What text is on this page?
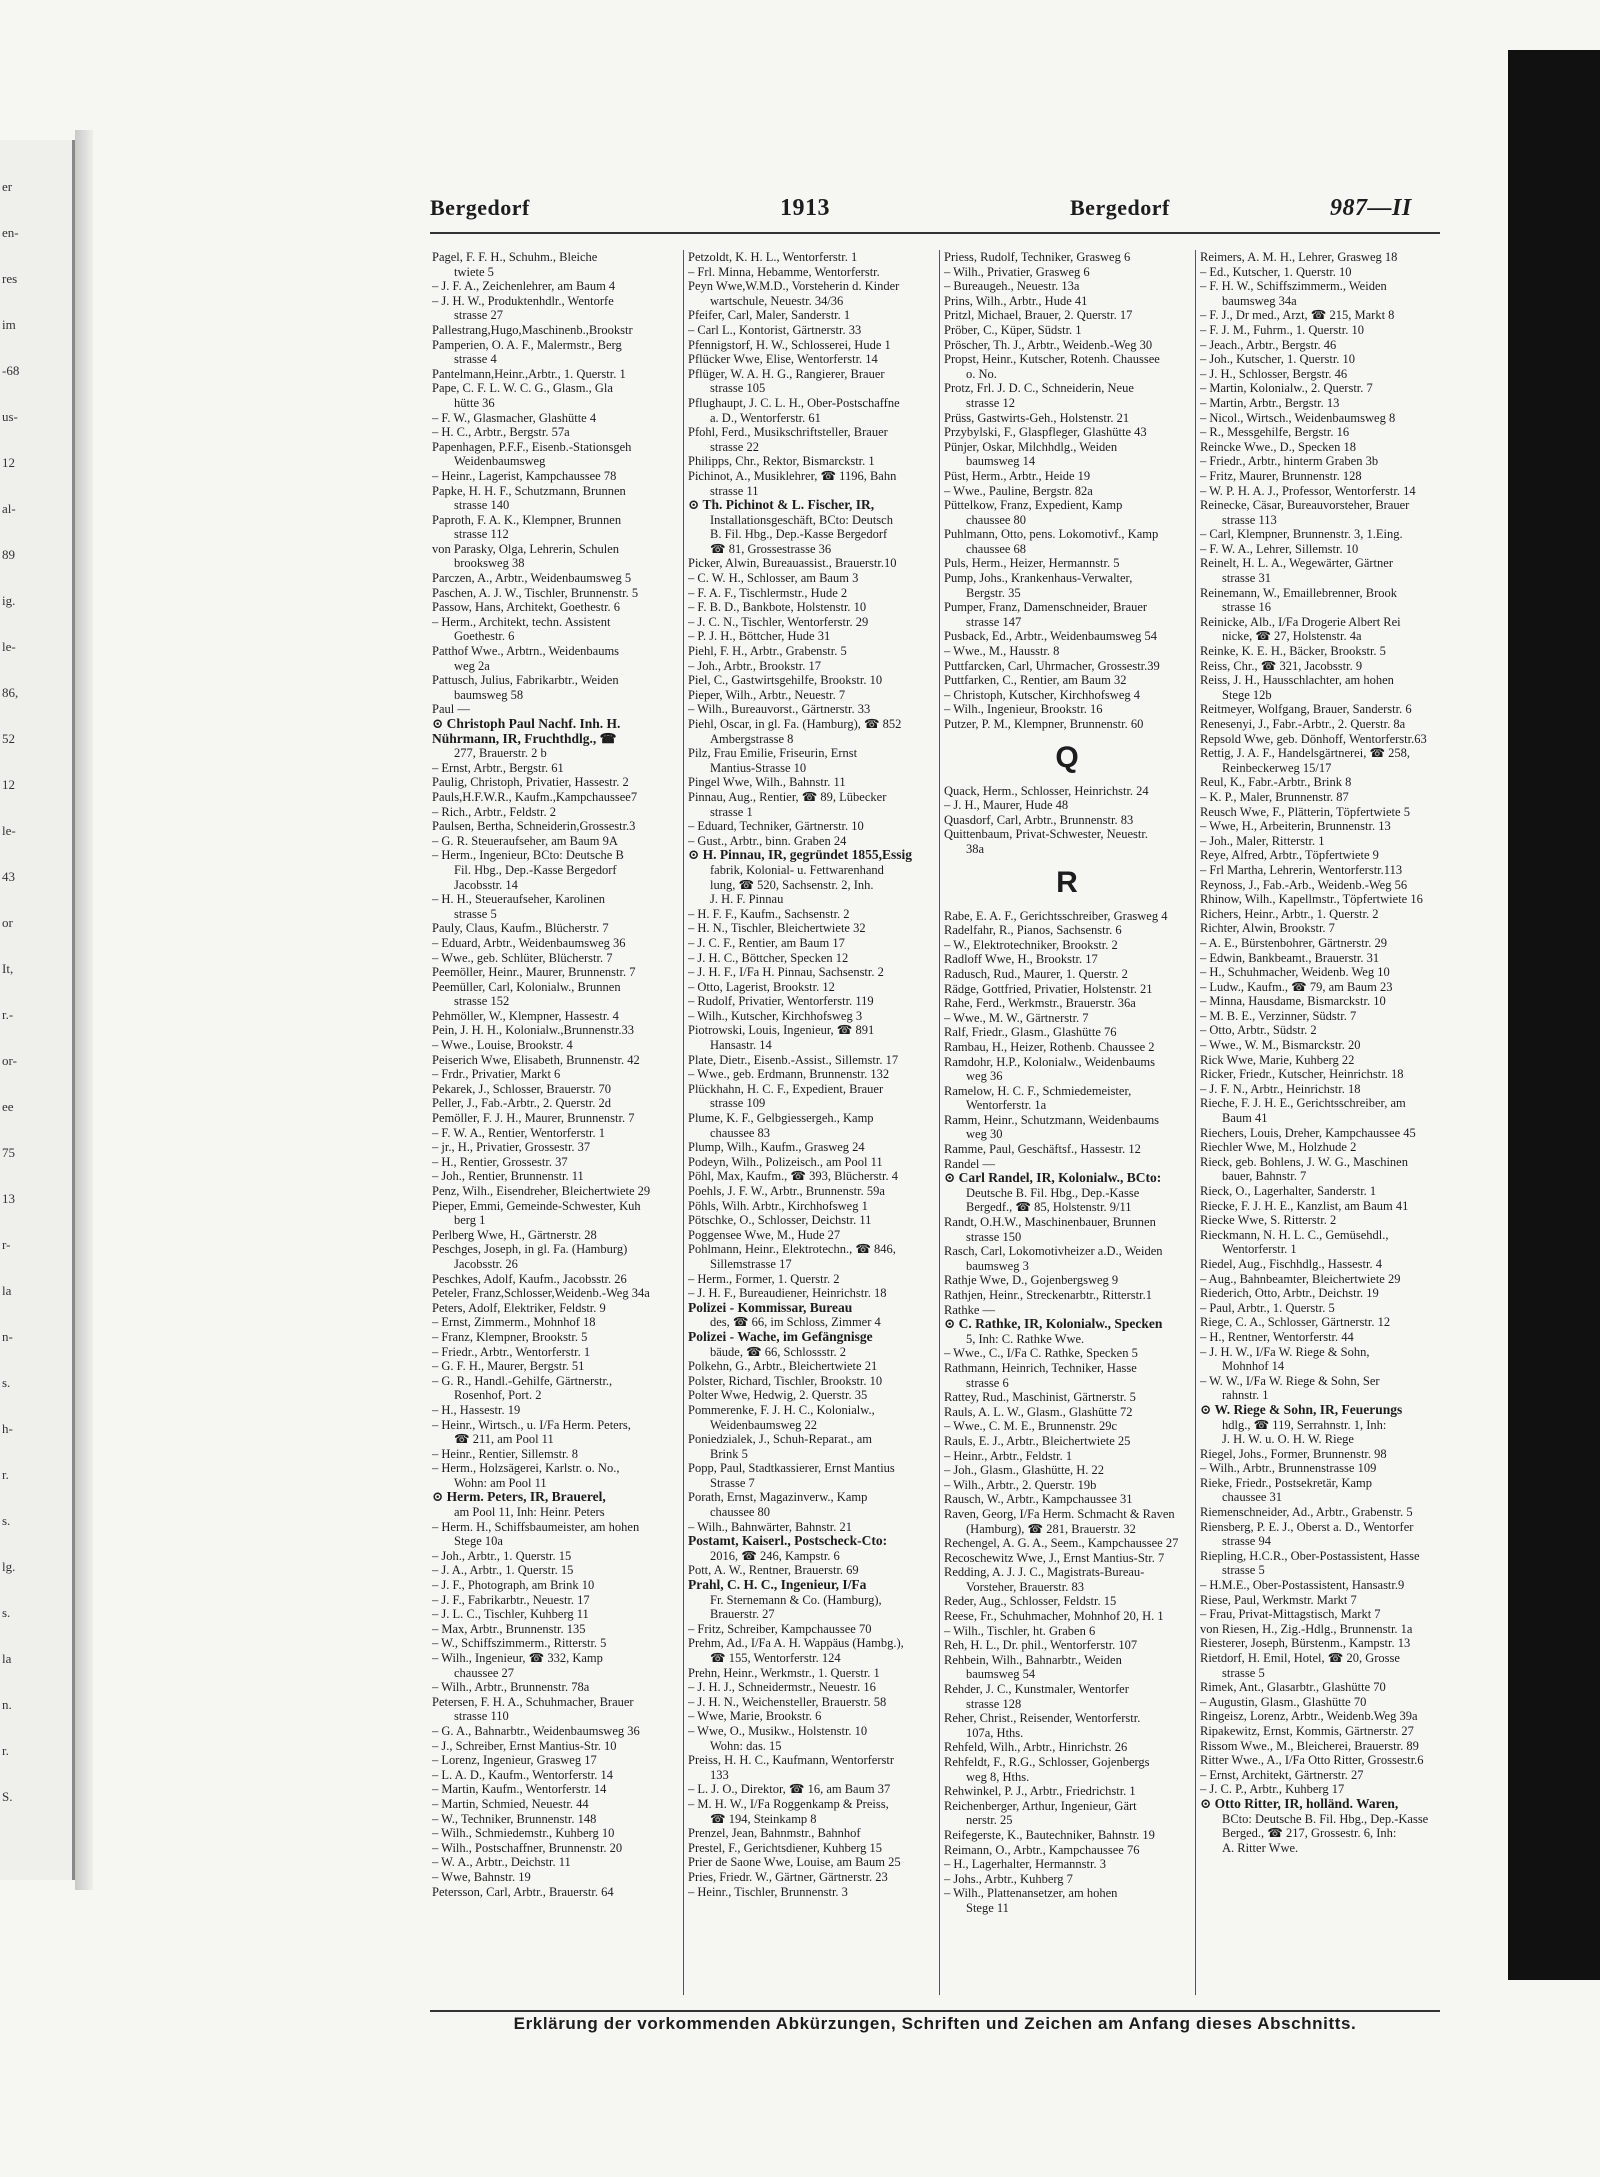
er
en-
res
im
-68
us-
12
al-
89
ig.
le-
86,
52
12
le-
43
or
It,
r.-
or-
ee
75
13
r-
la
n-
s.
h-
r.
s.
lg.
s.
la
n.
r.
S.
Bergedorf	1913	Bergedorf	987—II
Pagel, F. F. H., Schuhm., Bleiche
twiete 5
– J. F. A., Zeichenlehrer, am Baum 4
– J. H. W., Produktenhdlr., Wentorfe
strasse 27
Pallestrang,Hugo,Maschinenb.,Brookstr
Pamperien, O. A. F., Malermstr., Berg
strasse 4
Pantelmann,Heinr.,Arbtr., 1. Querstr. 1
Pape, C. F. L. W. C. G., Glasm., Gla
hütte 36
– F. W., Glasmacher, Glashütte 4
– H. C., Arbtr., Bergstr. 57a
Papenhagen, P.F.F., Eisenb.-Stationsgeh
Weidenbaumsweg
– Heinr., Lagerist, Kampchaussee 78
Papke, H. H. F., Schutzmann, Brunnen
strasse 140
Paproth, F. A. K., Klempner, Brunnen
strasse 112
von Parasky, Olga, Lehrerin, Schulen
brooksweg 38
Parczen, A., Arbtr., Weidenbaumsweg 5
Paschen, A. J. W., Tischler, Brunnenstr. 5
Passow, Hans, Architekt, Goethestr. 6
– Herm., Architekt, techn. Assistent
Goethestr. 6
Patthof Wwe., Arbtrn., Weidenbaums
weg 2a
Pattusch, Julius, Fabrikarbtr., Weiden
baumsweg 58
Paul —
⊙ Christoph Paul Nachf. Inh. H.
Nührmann, IR, Fruchthdlg., ☎
277, Brauerstr. 2 b
– Ernst, Arbtr., Bergstr. 61
Paulig, Christoph, Privatier, Hassestr. 2
Pauls,H.F.W.R., Kaufm.,Kampchaussee7
– Rich., Arbtr., Feldstr. 2
Paulsen, Bertha, Schneiderin,Grossestr.3
– G. R. Steueraufseher, am Baum 9A
– Herm., Ingenieur, BCto: Deutsche B
Fil. Hbg., Dep.-Kasse Bergedorf
Jacobsstr. 14
– H. H., Steueraufseher, Karolinen
strasse 5
Pauly, Claus, Kaufm., Blücherstr. 7
– Eduard, Arbtr., Weidenbaumsweg 36
– Wwe., geb. Schlüter, Blücherstr. 7
Peemöller, Heinr., Maurer, Brunnenstr. 7
Peemüller, Carl, Kolonialw., Brunnen
strasse 152
Pehmöller, W., Klempner, Hassestr. 4
Pein, J. H. H., Kolonialw.,Brunnenstr.33
– Wwe., Louise, Brookstr. 4
Peiserich Wwe, Elisabeth, Brunnenstr. 42
– Frdr., Privatier, Markt 6
Pekarek, J., Schlosser, Brauerstr. 70
Peller, J., Fab.-Arbtr., 2. Querstr. 2d
Pemöller, F. J. H., Maurer, Brunnenstr. 7
– F. W. A., Rentier, Wentorferstr. 1
– jr., H., Privatier, Grossestr. 37
– H., Rentier, Grossestr. 37
– Joh., Rentier, Brunnenstr. 11
Penz, Wilh., Eisendreher, Bleichertwiete 29
Pieper, Emmi, Gemeinde-Schwester, Kuh
berg 1
Perlberg Wwe, H., Gärtnerstr. 28
Peschges, Joseph, in gl. Fa. (Hamburg)
Jacobsstr. 26
Peschkes, Adolf, Kaufm., Jacobsstr. 26
Peteler, Franz,Schlosser,Weidenb.-Weg 34a
Peters, Adolf, Elektriker, Feldstr. 9
– Ernst, Zimmerm., Mohnhof 18
– Franz, Klempner, Brookstr. 5
– Friedr., Arbtr., Wentorferstr. 1
– G. F. H., Maurer, Bergstr. 51
– G. R., Handl.-Gehilfe, Gärtnerstr.,
Rosenhof, Port. 2
– H., Hassestr. 19
– Heinr., Wirtsch., u. I/Fa Herm. Peters,
☎ 211, am Pool 11
– Heinr., Rentier, Sillemstr. 8
– Herm., Holzsägerei, Karlstr. o. No.,
Wohn: am Pool 11
⊙ Herm. Peters, IR, Brauerel,
am Pool 11, Inh: Heinr. Peters
– Herm. H., Schiffsbaumeister, am hohen
Stege 10a
– Joh., Arbtr., 1. Querstr. 15
– J. A., Arbtr., 1. Querstr. 15
– J. F., Photograph, am Brink 10
– J. F., Fabrikarbtr., Neuestr. 17
– J. L. C., Tischler, Kuhberg 11
– Max, Arbtr., Brunnenstr. 135
– W., Schiffszimmerm., Ritterstr. 5
– Wilh., Ingenieur, ☎ 332, Kamp
chaussee 27
– Wilh., Arbtr., Brunnenstr. 78a
Petersen, F. H. A., Schuhmacher, Brauer
strasse 110
– G. A., Bahnarbtr., Weidenbaumsweg 36
– J., Schreiber, Ernst Mantius-Str. 10
– Lorenz, Ingenieur, Grasweg 17
– L. A. D., Kaufm., Wentorferstr. 14
– Martin, Kaufm., Wentorferstr. 14
– Martin, Schmied, Neuestr. 44
– W., Techniker, Brunnenstr. 148
– Wilh., Schmiedemstr., Kuhberg 10
– Wilh., Postschaffner, Brunnenstr. 20
– W. A., Arbtr., Deichstr. 11
– Wwe, Bahnstr. 19
Petersson, Carl, Arbtr., Brauerstr. 64
Petzoldt, K. H. L., Wentorferstr. 1
– Frl. Minna, Hebamme, Wentorferstr.
Peyn Wwe,W.M.D., Vorsteherin d. Kinder
wartschule, Neuestr. 34/36
Pfeifer, Carl, Maler, Sanderstr. 1
– Carl L., Kontorist, Gärtnerstr. 33
Pfennigstorf, H. W., Schlosserei, Hude 1
Pflücker Wwe, Elise, Wentorferstr. 14
Pflüger, W. A. H. G., Rangierer, Brauer
strasse 105
Pflughaupt, J. C. L. H., Ober-Postschaffne
a. D., Wentorferstr. 61
Pfohl, Ferd., Musikschriftsteller, Brauer
strasse 22
Philipps, Chr., Rektor, Bismarckstr. 1
Pichinot, A., Musiklehrer, ☎ 1196, Bahn
strasse 11
⊙ Th. Pichinot & L. Fischer, IR,
Installationsgeschäft, BCto: Deutsch
B. Fil. Hbg., Dep.-Kasse Bergedorf
☎ 81, Grossestrasse 36
Picker, Alwin, Bureauassist., Brauerstr.10
– C. W. H., Schlosser, am Baum 3
– F. A. F., Tischlermstr., Hude 2
– F. B. D., Bankbote, Holstenstr. 10
– J. C. N., Tischler, Wentorferstr. 29
– P. J. H., Böttcher, Hude 31
Piehl, F. H., Arbtr., Grabenstr. 5
– Joh., Arbtr., Brookstr. 17
Piel, C., Gastwirtsgehilfe, Brookstr. 10
Pieper, Wilh., Arbtr., Neuestr. 7
– Wilh., Bureauvorst., Gärtnerstr. 33
Piehl, Oscar, in gl. Fa. (Hamburg), ☎ 852
Ambergstrasse 8
Pilz, Frau Emilie, Friseurin, Ernst
Mantius-Strasse 10
Pingel Wwe, Wilh., Bahnstr. 11
Pinnau, Aug., Rentier, ☎ 89, Lübecker
strasse 1
– Eduard, Techniker, Gärtnerstr. 10
– Gust., Arbtr., binn. Graben 24
⊙ H. Pinnau, IR, gegründet 1855,Essig
fabrik, Kolonial- u. Fettwarenhand
lung, ☎ 520, Sachsenstr. 2, Inh.
J. H. F. Pinnau
– H. F. F., Kaufm., Sachsenstr. 2
– H. N., Tischler, Bleichertwiete 32
– J. C. F., Rentier, am Baum 17
– J. H. C., Böttcher, Specken 12
– J. H. F., I/Fa H. Pinnau, Sachsenstr. 2
– Otto, Lagerist, Brookstr. 12
– Rudolf, Privatier, Wentorferstr. 119
– Wilh., Kutscher, Kirchhofsweg 3
Piotrowski, Louis, Ingenieur, ☎ 891
Hansastr. 14
Plate, Dietr., Eisenb.-Assist., Sillemstr. 17
– Wwe., geb. Erdmann, Brunnenstr. 132
Plückhahn, H. C. F., Expedient, Brauer
strasse 109
Plume, K. F., Gelbgiessergeh., Kamp
chaussee 83
Plump, Wilh., Kaufm., Grasweg 24
Podeyn, Wilh., Polizeisch., am Pool 11
Pöhl, Max, Kaufm., ☎ 393, Blücherstr. 4
Poehls, J. F. W., Arbtr., Brunnenstr. 59a
Pöhls, Wilh. Arbtr., Kirchhofsweg 1
Pötschke, O., Schlosser, Deichstr. 11
Poggensee Wwe, M., Hude 27
Pohlmann, Heinr., Elektrotechn., ☎ 846,
Sillemstrasse 17
– Herm., Former, 1. Querstr. 2
– J. H. F., Bureaudiener, Heinrichstr. 18
Polizei - Kommissar, Bureau
des, ☎ 66, im Schloss, Zimmer 4
Polizei - Wache, im Gefängnisge
bäude, ☎ 66, Schlossstr. 2
Polkehn, G., Arbtr., Bleichertwiete 21
Polster, Richard, Tischler, Brookstr. 10
Polter Wwe, Hedwig, 2. Querstr. 35
Pommerenke, F. J. H. C., Kolonialw.,
Weidenbaumsweg 22
Poniedzialek, J., Schuh-Reparat., am
Brink 5
Popp, Paul, Stadtkassierer, Ernst Mantius
Strasse 7
Porath, Ernst, Magazinverw., Kamp
chaussee 80
– Wilh., Bahnwärter, Bahnstr. 21
Postamt, Kaiserl., Postscheck-Cto:
2016, ☎ 246, Kampstr. 6
Pott, A. W., Rentner, Brauerstr. 69
Prahl, C. H. C., Ingenieur, I/Fa
Fr. Sternemann & Co. (Hamburg),
Brauerstr. 27
– Fritz, Schreiber, Kampchaussee 70
Prehm, Ad., I/Fa A. H. Wappäus (Hambg.),
☎ 155, Wentorferstr. 124
Prehn, Heinr., Werkmstr., 1. Querstr. 1
– J. H. J., Schneidermstr., Neuestr. 16
– J. H. N., Weichensteller, Brauerstr. 58
– Wwe, Marie, Brookstr. 6
– Wwe, O., Musikw., Holstenstr. 10
Wohn: das. 15
Preiss, H. H. C., Kaufmann, Wentorferstr
133
– L. J. O., Direktor, ☎ 16, am Baum 37
– M. H. W., I/Fa Roggenkamp & Preiss,
☎ 194, Steinkamp 8
Prenzel, Jean, Bahnmstr., Bahnhof
Prestel, F., Gerichtsdiener, Kuhberg 15
Prier de Saone Wwe, Louise, am Baum 25
Pries, Friedr. W., Gärtner, Gärtnerstr. 23
– Heinr., Tischler, Brunnenstr. 3
Priess, Rudolf, Techniker, Grasweg 6
– Wilh., Privatier, Grasweg 6
– Bureaugeh., Neuestr. 13a
Prins, Wilh., Arbtr., Hude 41
Pritzl, Michael, Brauer, 2. Querstr. 17
Pröber, C., Küper, Südstr. 1
Pröscher, Th. J., Arbtr., Weidenb.-Weg 30
Propst, Heinr., Kutscher, Rotenh. Chaussee
o. No.
Protz, Frl. J. D. C., Schneiderin, Neue
strasse 12
Prüss, Gastwirts-Geh., Holstenstr. 21
Przybylski, F., Glaspfleger, Glashütte 43
Pünjer, Oskar, Milchhdlg., Weiden
baumsweg 14
Püst, Herm., Arbtr., Heide 19
– Wwe., Pauline, Bergstr. 82a
Püttelkow, Franz, Expedient, Kamp
chaussee 80
Puhlmann, Otto, pens. Lokomotivf., Kamp
chaussee 68
Puls, Herm., Heizer, Hermannstr. 5
Pump, Johs., Krankenhaus-Verwalter,
Bergstr. 35
Pumper, Franz, Damenschneider, Brauer
strasse 147
Pusback, Ed., Arbtr., Weidenbaumsweg 54
– Wwe., M., Hausstr. 8
Puttfarcken, Carl, Uhrmacher, Grossestr.39
Puttfarken, C., Rentier, am Baum 32
– Christoph, Kutscher, Kirchhofsweg 4
– Wilh., Ingenieur, Brookstr. 16
Putzer, P. M., Klempner, Brunnenstr. 60
Q
Quack, Herm., Schlosser, Heinrichstr. 24
– J. H., Maurer, Hude 48
Quasdorf, Carl, Arbtr., Brunnenstr. 83
Quittenbaum, Privat-Schwester, Neuestr.
38a
R
Rabe, E. A. F., Gerichtsschreiber, Grasweg 4
Radelfahr, R., Pianos, Sachsenstr. 6
– W., Elektrotechniker, Brookstr. 2
Radloff Wwe, H., Brookstr. 17
Radusch, Rud., Maurer, 1. Querstr. 2
Rädge, Gottfried, Privatier, Holstenstr. 21
Rahe, Ferd., Werkmstr., Brauerstr. 36a
– Wwe., M. W., Gärtnerstr. 7
Ralf, Friedr., Glasm., Glashütte 76
Rambau, H., Heizer, Rothenb. Chaussee 2
Ramdohr, H.P., Kolonialw., Weidenbaums
weg 36
Ramelow, H. C. F., Schmiedemeister,
Wentorferstr. 1a
Ramm, Heinr., Schutzmann, Weidenbaums
weg 30
Ramme, Paul, Geschäftsf., Hassestr. 12
Randel —
⊙ Carl Randel, IR, Kolonialw., BCto:
Deutsche B. Fil. Hbg., Dep.-Kasse
Bergedf., ☎ 85, Holstenstr. 9/11
Randt, O.H.W., Maschinenbauer, Brunnen
strasse 150
Rasch, Carl, Lokomotivheizer a.D., Weiden
baumsweg 3
Rathje Wwe, D., Gojenbergsweg 9
Rathjen, Heinr., Streckenarbtr., Ritterstr.1
Rathke —
⊙ C. Rathke, IR, Kolonialw., Specken
5, Inh: C. Rathke Wwe.
– Wwe., C., I/Fa C. Rathke, Specken 5
Rathmann, Heinrich, Techniker, Hasse
strasse 6
Rattey, Rud., Maschinist, Gärtnerstr. 5
Rauls, A. L. W., Glasm., Glashütte 72
– Wwe., C. M. E., Brunnenstr. 29c
Rauls, E. J., Arbtr., Bleichertwiete 25
– Heinr., Arbtr., Feldstr. 1
– Joh., Glasm., Glashütte, H. 22
– Wilh., Arbtr., 2. Querstr. 19b
Rausch, W., Arbtr., Kampchaussee 31
Raven, Georg, I/Fa Herm. Schmacht & Raven
(Hamburg), ☎ 281, Brauerstr. 32
Rechengel, A. G. A., Seem., Kampchaussee 27
Recoschewitz Wwe, J., Ernst Mantius-Str. 7
Redding, A. J. J. C., Magistrats-Bureau-
Vorsteher, Brauerstr. 83
Reder, Aug., Schlosser, Feldstr. 15
Reese, Fr., Schuhmacher, Mohnhof 20, H. 1
– Wilh., Tischler, ht. Graben 6
Reh, H. L., Dr. phil., Wentorferstr. 107
Rehbein, Wilh., Bahnarbtr., Weiden
baumsweg 54
Rehder, J. C., Kunstmaler, Wentorfer
strasse 128
Reher, Christ., Reisender, Wentorferstr.
107a, Hths.
Rehfeld, Wilh., Arbtr., Hinrichstr. 26
Rehfeldt, F., R.G., Schlosser, Gojenbergs
weg 8, Hths.
Rehwinkel, P. J., Arbtr., Friedrichstr. 1
Reichenberger, Arthur, Ingenieur, Gärt
nerstr. 25
Reifegerste, K., Bautechniker, Bahnstr. 19
Reimann, O., Arbtr., Kampchaussee 76
– H., Lagerhalter, Hermannstr. 3
– Johs., Arbtr., Kuhberg 7
– Wilh., Plattenansetzer, am hohen
Stege 11
Erklärung der vorkommenden Abkürzungen, Schriften und Zeichen am Anfang dieses Abschnitts.
Reimers, A. M. H., Lehrer, Grasweg 18
– Ed., Kutscher, 1. Querstr. 10
– F. H. W., Schiffszimmerm., Weiden
baumsweg 34a
– F. J., Dr med., Arzt, ☎ 215, Markt 8
– F. J. M., Fuhrm., 1. Querstr. 10
– Jeach., Arbtr., Bergstr. 46
– Joh., Kutscher, 1. Querstr. 10
– J. H., Schlosser, Bergstr. 46
– Martin, Kolonialw., 2. Querstr. 7
– Martin, Arbtr., Bergstr. 13
– Nicol., Wirtsch., Weidenbaumsweg 8
– R., Messgehilfe, Bergstr. 16
Reincke Wwe., D., Specken 18
– Friedr., Arbtr., hinterm Graben 3b
– Fritz, Maurer, Brunnenstr. 128
– W. P. H. A. J., Professor, Wentorferstr. 14
Reinecke, Cäsar, Bureauvorsteher, Brauer
strasse 113
– Carl, Klempner, Brunnenstr. 3, 1.Eing.
– F. W. A., Lehrer, Sillemstr. 10
Reinelt, H. L. A., Wegewärter, Gärtner
strasse 31
Reinemann, W., Emaillebrenner, Brook
strasse 16
Reinicke, Alb., I/Fa Drogerie Albert Rei
nicke, ☎ 27, Holstenstr. 4a
Reinke, K. E. H., Bäcker, Brookstr. 5
Reiss, Chr., ☎ 321, Jacobsstr. 9
Reiss, J. H., Hausschlachter, am hohen
Stege 12b
Reitmeyer, Wolfgang, Brauer, Sanderstr. 6
Renesenyi, J., Fabr.-Arbtr., 2. Querstr. 8a
Repsold Wwe, geb. Dönhoff, Wentorferstr.63
Rettig, J. A. F., Handelsgärtnerei, ☎ 258,
Reinbeckerweg 15/17
Reul, K., Fabr.-Arbtr., Brink 8
– K. P., Maler, Brunnenstr. 87
Reusch Wwe, F., Plätterin, Töpfertwiete 5
– Wwe, H., Arbeiterin, Brunnenstr. 13
– Joh., Maler, Ritterstr. 1
Reye, Alfred, Arbtr., Töpfertwiete 9
– Frl Martha, Lehrerin, Wentorferstr.113
Reynoss, J., Fab.-Arb., Weidenb.-Weg 56
Rhinow, Wilh., Kapellmstr., Töpfertwiete 16
Richers, Heinr., Arbtr., 1. Querstr. 2
Richter, Alwin, Brookstr. 7
– A. E., Bürstenbohrer, Gärtnerstr. 29
– Edwin, Bankbeamt., Brauerstr. 31
– H., Schuhmacher, Weidenb. Weg 10
– Ludw., Kaufm., ☎ 79, am Baum 23
– Minna, Hausdame, Bismarckstr. 10
– M. B. E., Verzinner, Südstr. 7
– Otto, Arbtr., Südstr. 2
– Wwe., W. M., Bismarckstr. 20
Rick Wwe, Marie, Kuhberg 22
Ricker, Friedr., Kutscher, Heinrichstr. 18
– J. F. N., Arbtr., Heinrichstr. 18
Rieche, F. J. H. E., Gerichtsschreiber, am
Baum 41
Riechers, Louis, Dreher, Kampchaussee 45
Riechler Wwe, M., Holzhude 2
Rieck, geb. Bohlens, J. W. G., Maschinen
bauer, Bahnstr. 7
Rieck, O., Lagerhalter, Sanderstr. 1
Riecke, F. J. H. E., Kanzlist, am Baum 41
Riecke Wwe, S. Ritterstr. 2
Rieckmann, N. H. L. C., Gemüsehdl.,
Wentorferstr. 1
Riedel, Aug., Fischhdlg., Hassestr. 4
– Aug., Bahnbeamter, Bleichertwiete 29
Riederich, Otto, Arbtr., Deichstr. 19
– Paul, Arbtr., 1. Querstr. 5
Riege, C. A., Schlosser, Gärtnerstr. 12
– H., Rentner, Wentorferstr. 44
– J. H. W., I/Fa W. Riege & Sohn,
Mohnhof 14
– W. W., I/Fa W. Riege & Sohn, Ser
rahnstr. 1
⊙ W. Riege & Sohn, IR, Feuerungs
hdlg., ☎ 119, Serrahnstr. 1, Inh:
J. H. W. u. O. H. W. Riege
Riegel, Johs., Former, Brunnenstr. 98
– Wilh., Arbtr., Brunnenstrasse 109
Rieke, Friedr., Postsekretär, Kamp
chaussee 31
Riemenschneider, Ad., Arbtr., Grabenstr. 5
Riensberg, P. E. J., Oberst a. D., Wentorfer
strasse 94
Riepling, H.C.R., Ober-Postassistent, Hasse
strasse 5
– H.M.E., Ober-Postassistent, Hansastr.9
Riese, Paul, Werkmstr. Markt 7
– Frau, Privat-Mittagstisch, Markt 7
von Riesen, H., Zig.-Hdlg., Brunnenstr. 1a
Riesterer, Joseph, Bürstenm., Kampstr. 13
Rietdorf, H. Emil, Hotel, ☎ 20, Grosse
strasse 5
Rimek, Ant., Glasarbtr., Glashütte 70
– Augustin, Glasm., Glashütte 70
Ringeisz, Lorenz, Arbtr., Weidenb.Weg 39a
Ripakewitz, Ernst, Kommis, Gärtnerstr. 27
Rissom Wwe., M., Bleicherei, Brauerstr. 89
Ritter Wwe., A., I/Fa Otto Ritter, Grossestr.6
– Ernst, Architekt, Gärtnerstr. 27
– J. C. P., Arbtr., Kuhberg 17
⊙ Otto Ritter, IR, holländ. Waren,
BCto: Deutsche B. Fil. Hbg., Dep.-Kasse
Berged., ☎ 217, Grossestr. 6, Inh:
A. Ritter Wwe.
